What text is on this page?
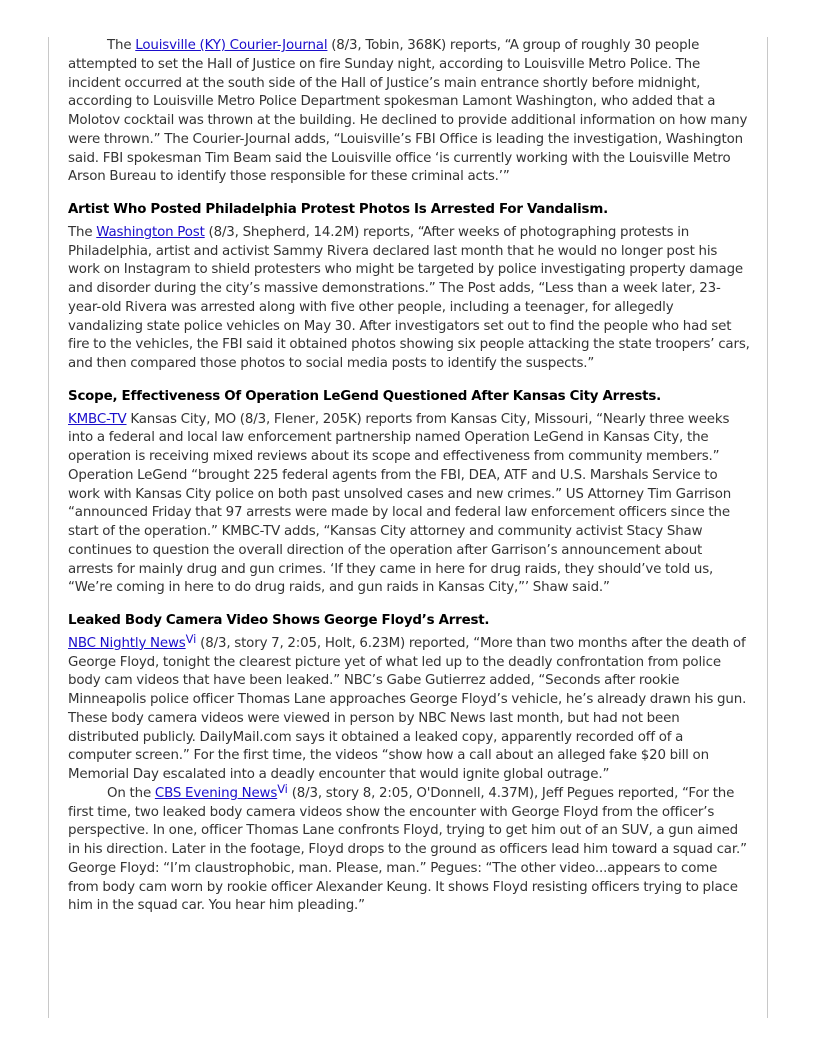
The Louisville (KY) Courier-Journal (8/3, Tobin, 368K) reports, “A group of roughly 30 people attempted to set the Hall of Justice on fire Sunday night, according to Louisville Metro Police. The incident occurred at the south side of the Hall of Justice’s main entrance shortly before midnight, according to Louisville Metro Police Department spokesman Lamont Washington, who added that a Molotov cocktail was thrown at the building. He declined to provide additional information on how many were thrown.” The Courier-Journal adds, “Louisville’s FBI Office is leading the investigation, Washington said. FBI spokesman Tim Beam said the Louisville office ‘is currently working with the Louisville Metro Arson Bureau to identify those responsible for these criminal acts.’”

Artist Who Posted Philadelphia Protest Photos Is Arrested For Vandalism.

The Washington Post (8/3, Shepherd, 14.2M) reports, “After weeks of photographing protests in Philadelphia, artist and activist Sammy Rivera declared last month that he would no longer post his work on Instagram to shield protesters who might be targeted by police investigating property damage and disorder during the city’s massive demonstrations.” The Post adds, “Less than a week later, 23-year-old Rivera was arrested along with five other people, including a teenager, for allegedly vandalizing state police vehicles on May 30. After investigators set out to find the people who had set fire to the vehicles, the FBI said it obtained photos showing six people attacking the state troopers’ cars, and then compared those photos to social media posts to identify the suspects.”

Scope, Effectiveness Of Operation LeGend Questioned After Kansas City Arrests.

KMBC-TV Kansas City, MO (8/3, Flener, 205K) reports from Kansas City, Missouri, “Nearly three weeks into a federal and local law enforcement partnership named Operation LeGend in Kansas City, the operation is receiving mixed reviews about its scope and effectiveness from community members.” Operation LeGend “brought 225 federal agents from the FBI, DEA, ATF and U.S. Marshals Service to work with Kansas City police on both past unsolved cases and new crimes.” US Attorney Tim Garrison “announced Friday that 97 arrests were made by local and federal law enforcement officers since the start of the operation.” KMBC-TV adds, “Kansas City attorney and community activist Stacy Shaw continues to question the overall direction of the operation after Garrison’s announcement about arrests for mainly drug and gun crimes. ‘If they came in here for drug raids, they should’ve told us, “We’re coming in here to do drug raids, and gun raids in Kansas City,”’ Shaw said.”

Leaked Body Camera Video Shows George Floyd’s Arrest.

NBC Nightly NewsVi (8/3, story 7, 2:05, Holt, 6.23M) reported, “More than two months after the death of George Floyd, tonight the clearest picture yet of what led up to the deadly confrontation from police body cam videos that have been leaked.” NBC’s Gabe Gutierrez added, “Seconds after rookie Minneapolis police officer Thomas Lane approaches George Floyd’s vehicle, he’s already drawn his gun. These body camera videos were viewed in person by NBC News last month, but had not been distributed publicly. DailyMail.com says it obtained a leaked copy, apparently recorded off of a computer screen.” For the first time, the videos “show how a call about an alleged fake $20 bill on Memorial Day escalated into a deadly encounter that would ignite global outrage.”

On the CBS Evening NewsVi (8/3, story 8, 2:05, O'Donnell, 4.37M), Jeff Pegues reported, “For the first time, two leaked body camera videos show the encounter with George Floyd from the officer’s perspective. In one, officer Thomas Lane confronts Floyd, trying to get him out of an SUV, a gun aimed in his direction. Later in the footage, Floyd drops to the ground as officers lead him toward a squad car.” George Floyd: “I’m claustrophobic, man. Please, man.” Pegues: “The other video...appears to come from body cam worn by rookie officer Alexander Keung. It shows Floyd resisting officers trying to place him in the squad car. You hear him pleading.”
